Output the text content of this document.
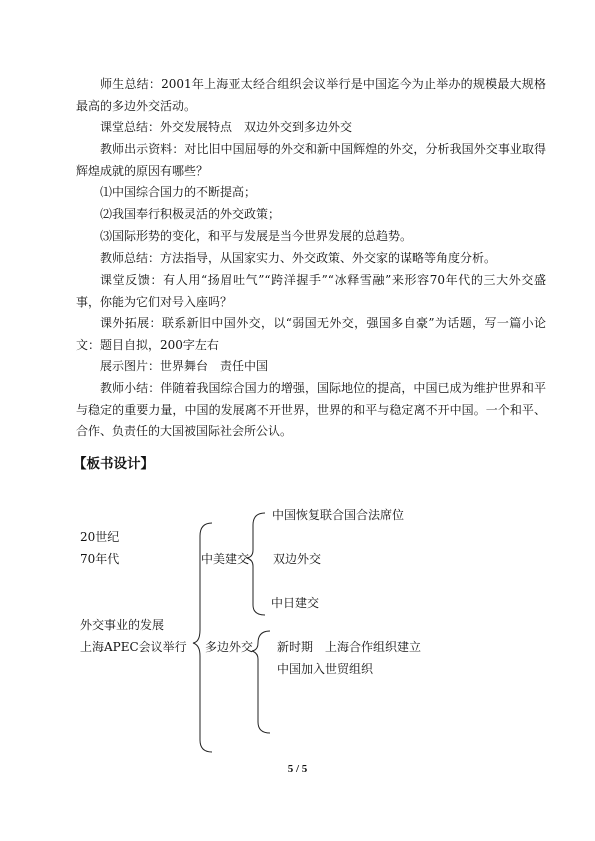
师生总结：2001年上海亚太经合组织会议举行是中国迄今为止举办的规模最大规格最高的多边外交活动。

课堂总结：外交发展特点　双边外交到多边外交

教师出示资料：对比旧中国屈辱的外交和新中国辉煌的外交，分析我国外交事业取得辉煌成就的原因有哪些？

⑴中国综合国力的不断提高；

⑵我国奉行积极灵活的外交政策；

⑶国际形势的变化，和平与发展是当今世界发展的总趋势。

教师总结：方法指导，从国家实力、外交政策、外交家的谋略等角度分析。

课堂反馈：有人用“扬眉吐气”“跨洋握手”“冰释雪融”来形容70年代的三大外交盛事，你能为它们对号入座吗？

课外拓展：联系新旧中国外交，以“弱国无外交，强国多自豪”为话题，写一篇小论文：题目自拟，200字左右

展示图片：世界舞台　责任中国

教师小结：伴随着我国综合国力的增强，国际地位的提高，中国已成为维护世界和平与稳定的重要力量，中国的发展离不开世界，世界的和平与稳定离不开中国。一个和平、合作、负责任的大国被国际社会所公认。

【板书设计】

20世纪
70年代
外交事业的发展
上海APEC会议举行
中美建交
中国恢复联合国合法席位
双边外交
中日建交
多边外交 新时期　上海合作组织建立
中国加入世贸组织
5 / 5
